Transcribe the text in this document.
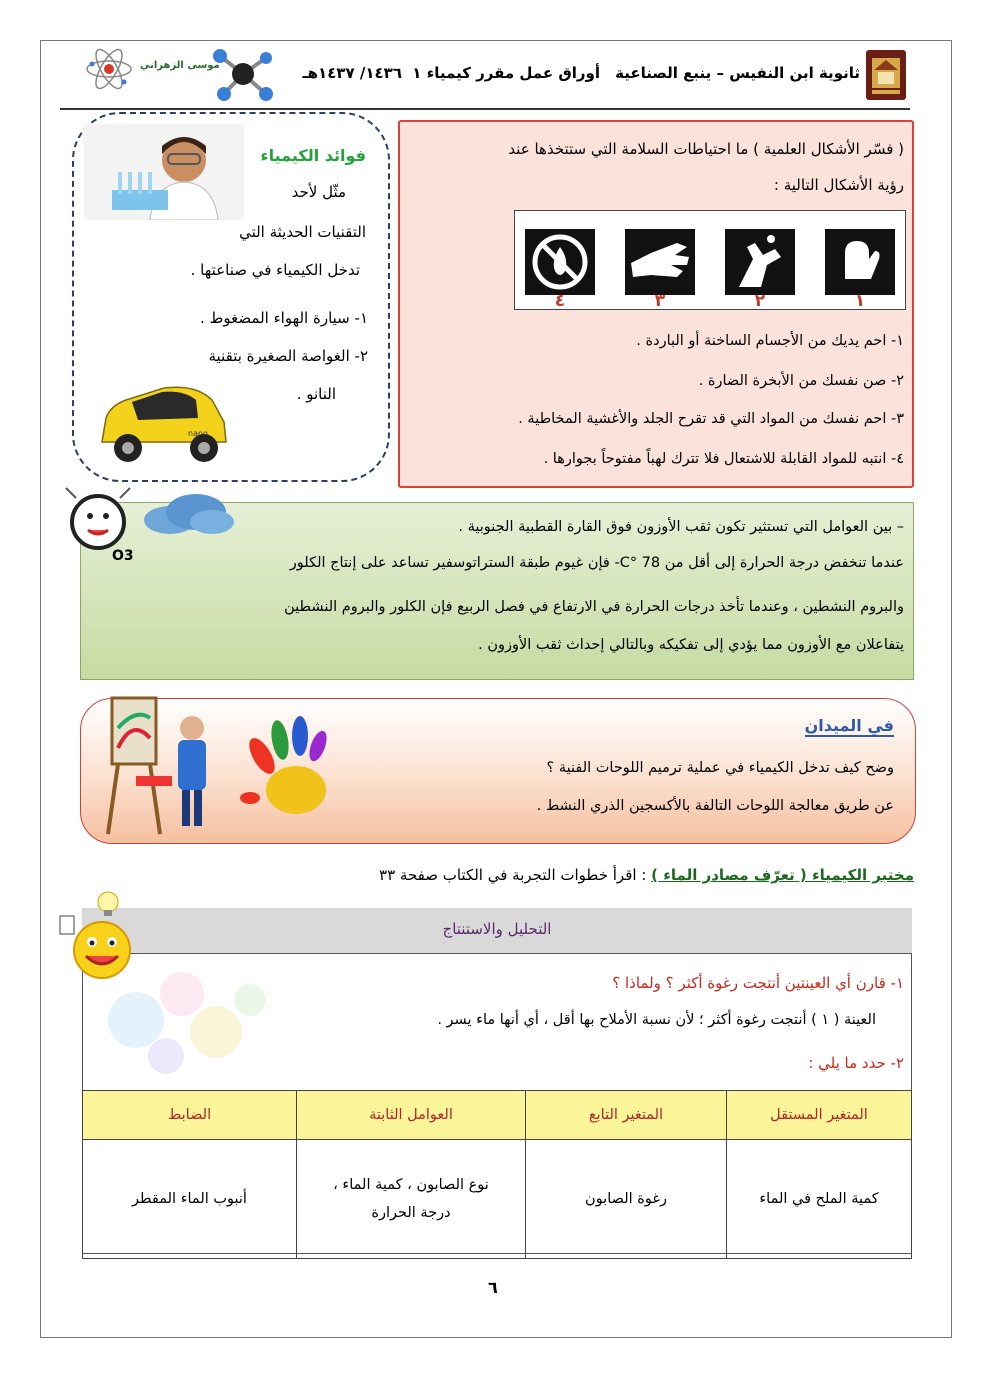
ثانوية ابن النفيس – ينبع الصناعية
أوراق عمل مقرر كيمياء ١
١٤٣٦/ ١٤٣٧هـ
موسى الزهراني
( فسّر الأشكال العلمية ) ما احتياطات السلامة التي ستتخذها عند
رؤية الأشكال التالية :
١
٢
٣
٤
١- احم يديك من الأجسام الساخنة أو الباردة .
٢- صن نفسك من الأبخرة الضارة .
٣- احم نفسك من المواد التي قد تقرح الجلد والأغشية المخاطية .
٤- انتبه للمواد القابلة للاشتعال فلا تترك لهباً مفتوحاً بجوارها .
فوائد الكيمياء
مثّل لأحد
التقنيات الحديثة التي
تدخل الكيمياء في صناعتها .
١- سيارة الهواء المضغوط .
٢- الغواصة الصغيرة بتقنية
النانو .
nano
O3
– بين العوامل التي تستثير تكون ثقب الأوزون فوق القارة القطبية الجنوبية .
عندما تنخفض درجة الحرارة إلى أقل من 78 °C- فإن غيوم طبقة الستراتوسفير تساعد على إنتاج الكلور
والبروم النشطين ، وعندما تأخذ درجات الحرارة في الارتفاع في فصل الربيع فإن الكلور والبروم النشطين
يتفاعلان مع الأوزون مما يؤدي إلى تفكيكه وبالتالي إحداث ثقب الأوزون .
في الميدان
وضح كيف تدخل الكيمياء في عملية ترميم اللوحات الفنية ؟
عن طريق معالجة اللوحات التالفة بالأكسجين الذري النشط .
مختبر الكيمياء ( تعرّف مصادر الماء ) : اقرأ خطوات التجربة في الكتاب صفحة ٣٣
التحليل والاستنتاج
١- قارن أي العينتين أنتجت رغوة أكثر ؟ ولماذا ؟
العينة ( ١ ) أنتجت رغوة أكثر ؛ لأن نسبة الأملاح بها أقل ، أي أنها ماء يسر .
٢- حدد ما يلي :
المتغير المستقل	المتغير التابع	العوامل الثابتة	الضابط
كمية الملح في الماء	رغوة الصابون	نوع الصابون ، كمية الماء ، درجة الحرارة	أنبوب الماء المقطر
٦
